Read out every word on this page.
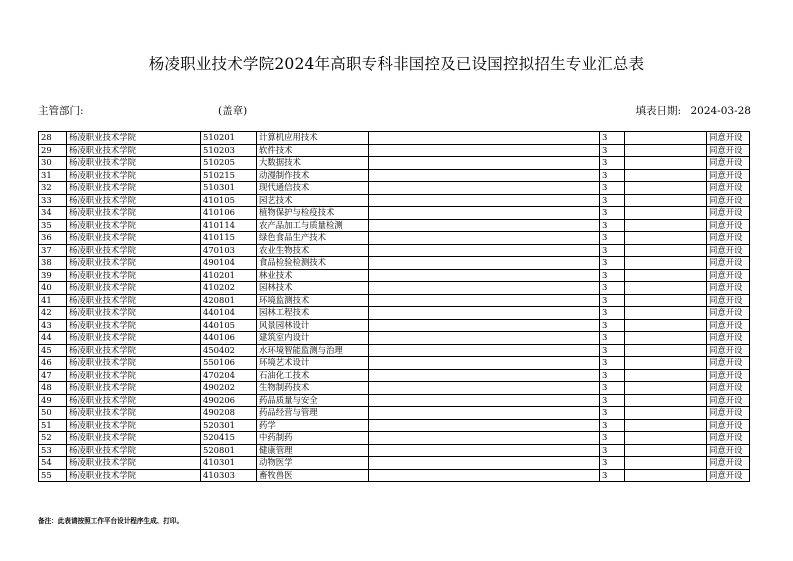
杨凌职业技术学院2024年高职专科非国控及已设国控拟招生专业汇总表
主管部门:	(盖章)	填表日期: 2024-03-28
28	杨凌职业技术学院	510201	计算机应用技术		3		同意开设
29	杨凌职业技术学院	510203	软件技术		3		同意开设
30	杨凌职业技术学院	510205	大数据技术		3		同意开设
31	杨凌职业技术学院	510215	动漫制作技术		3		同意开设
32	杨凌职业技术学院	510301	现代通信技术		3		同意开设
33	杨凌职业技术学院	410105	园艺技术		3		同意开设
34	杨凌职业技术学院	410106	植物保护与检疫技术		3		同意开设
35	杨凌职业技术学院	410114	农产品加工与质量检测		3		同意开设
36	杨凌职业技术学院	410115	绿色食品生产技术		3		同意开设
37	杨凌职业技术学院	470103	农业生物技术		3		同意开设
38	杨凌职业技术学院	490104	食品检验检测技术		3		同意开设
39	杨凌职业技术学院	410201	林业技术		3		同意开设
40	杨凌职业技术学院	410202	园林技术		3		同意开设
41	杨凌职业技术学院	420801	环境监测技术		3		同意开设
42	杨凌职业技术学院	440104	园林工程技术		3		同意开设
43	杨凌职业技术学院	440105	风景园林设计		3		同意开设
44	杨凌职业技术学院	440106	建筑室内设计		3		同意开设
45	杨凌职业技术学院	450402	水环境智能监测与治理		3		同意开设
46	杨凌职业技术学院	550106	环境艺术设计		3		同意开设
47	杨凌职业技术学院	470204	石油化工技术		3		同意开设
48	杨凌职业技术学院	490202	生物制药技术		3		同意开设
49	杨凌职业技术学院	490206	药品质量与安全		3		同意开设
50	杨凌职业技术学院	490208	药品经营与管理		3		同意开设
51	杨凌职业技术学院	520301	药学		3		同意开设
52	杨凌职业技术学院	520415	中药制药		3		同意开设
53	杨凌职业技术学院	520801	健康管理		3		同意开设
54	杨凌职业技术学院	410301	动物医学		3		同意开设
55	杨凌职业技术学院	410303	畜牧兽医		3		同意开设
备注：此表请按照工作平台设计程序生成、打印。
